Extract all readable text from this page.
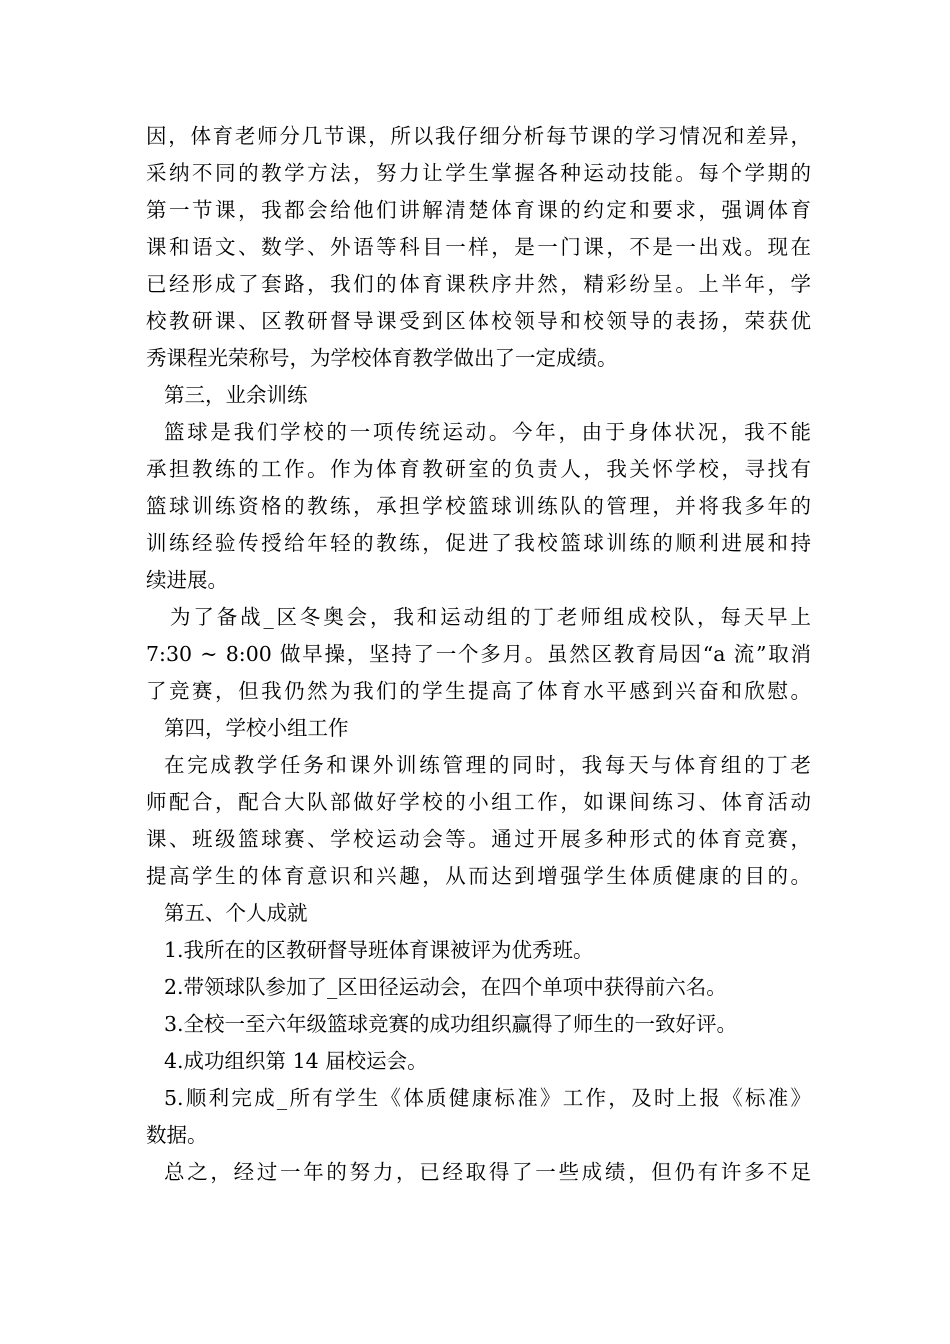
因，体育老师分几节课，所以我仔细分析每节课的学习情况和差异，
采纳不同的教学方法，努力让学生掌握各种运动技能。每个学期的
第一节课，我都会给他们讲解清楚体育课的约定和要求，强调体育
课和语文、数学、外语等科目一样，是一门课，不是一出戏。现在
已经形成了套路，我们的体育课秩序井然，精彩纷呈。上半年，学
校教研课、区教研督导课受到区体校领导和校领导的表扬，荣获优
秀课程光荣称号，为学校体育教学做出了一定成绩。
第三，业余训练
篮球是我们学校的一项传统运动。今年，由于身体状况，我不能
承担教练的工作。作为体育教研室的负责人，我关怀学校，寻找有
篮球训练资格的教练，承担学校篮球训练队的管理，并将我多年的
训练经验传授给年轻的教练，促进了我校篮球训练的顺利进展和持
续进展。
为了备战_区冬奥会，我和运动组的丁老师组成校队，每天早上
7:30 ~ 8:00 做早操，坚持了一个多月。虽然区教育局因“a 流”取消
了竞赛，但我仍然为我们的学生提高了体育水平感到兴奋和欣慰。
第四，学校小组工作
在完成教学任务和课外训练管理的同时，我每天与体育组的丁老
师配合，配合大队部做好学校的小组工作，如课间练习、体育活动
课、班级篮球赛、学校运动会等。通过开展多种形式的体育竞赛，
提高学生的体育意识和兴趣，从而达到增强学生体质健康的目的。
第五、个人成就
1.我所在的区教研督导班体育课被评为优秀班。
2.带领球队参加了_区田径运动会，在四个单项中获得前六名。
3.全校一至六年级篮球竞赛的成功组织赢得了师生的一致好评。
4.成功组织第 14 届校运会。
5.顺利完成_所有学生《体质健康标准》工作，及时上报《标准》
数据。
总之，经过一年的努力，已经取得了一些成绩，但仍有许多不足
